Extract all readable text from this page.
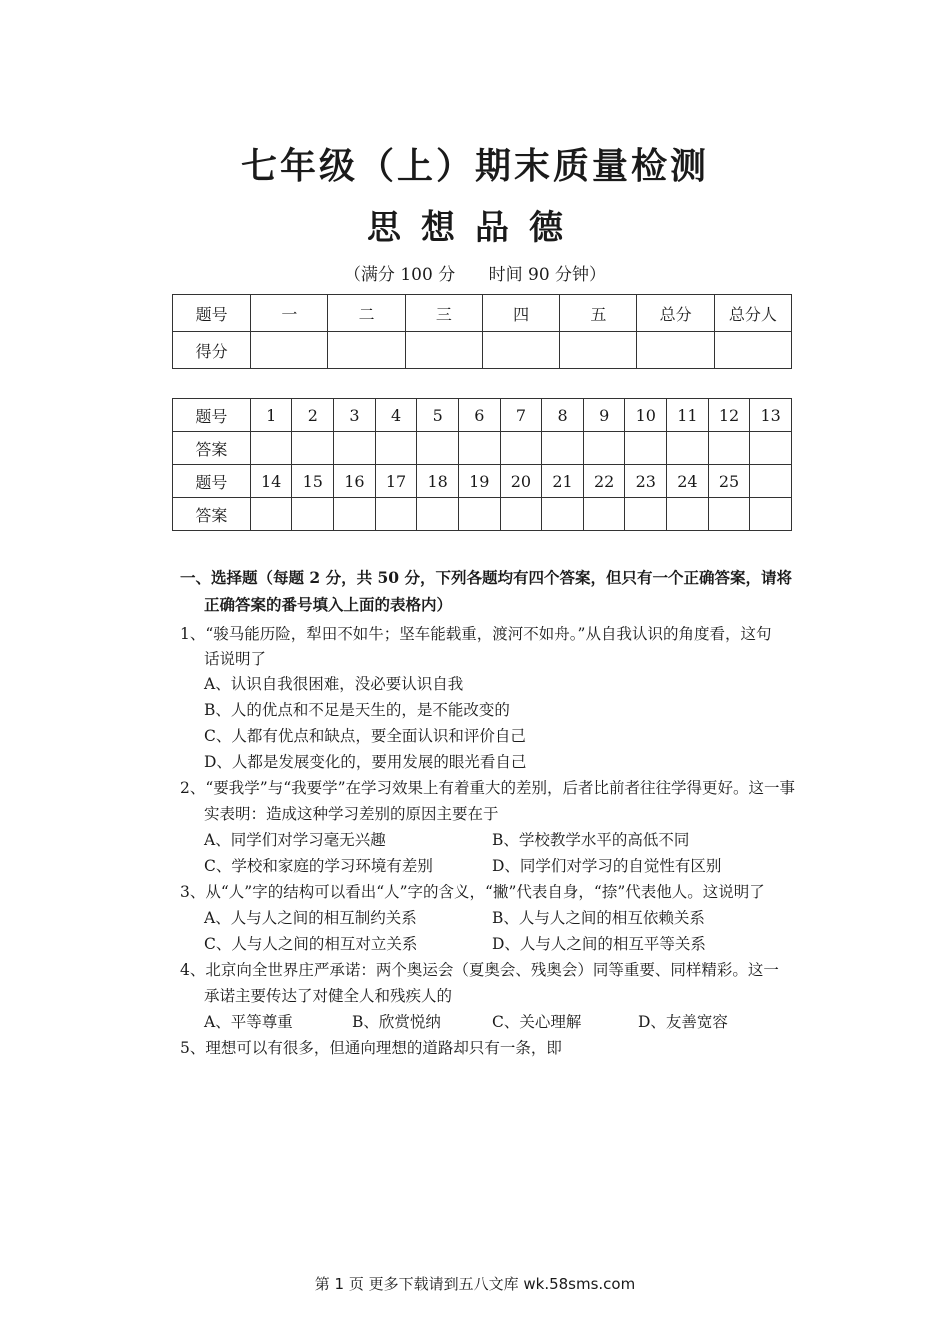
七年级（上）期末质量检测
思想品德
（满分 100 分 时间 90 分钟）
题号	一	二	三	四	五	总分	总分人
得分							
题号	1	2	3	4	5	6	7	8	9	10	11	12	13
答案													
题号	14	15	16	17	18	19	20	21	22	23	24	25	
答案													
一、选择题（每题 2 分，共 50 分，下列各题均有四个答案，但只有一个正确答案，请将
正确答案的番号填入上面的表格内）
1、“骏马能历险，犁田不如牛；坚车能载重，渡河不如舟。”从自我认识的角度看，这句
话说明了
A、认识自我很困难，没必要认识自我
B、人的优点和不足是天生的，是不能改变的
C、人都有优点和缺点，要全面认识和评价自己
D、人都是发展变化的，要用发展的眼光看自己
2、“要我学”与“我要学”在学习效果上有着重大的差别，后者比前者往往学得更好。这一事
实表明：造成这种学习差别的原因主要在于
A、同学们对学习毫无兴趣	B、学校教学水平的高低不同
C、学校和家庭的学习环境有差别	D、同学们对学习的自觉性有区别
3、从“人”字的结构可以看出“人”字的含义，“撇”代表自身，“捺”代表他人。这说明了
A、人与人之间的相互制约关系	B、人与人之间的相互依赖关系
C、人与人之间的相互对立关系	D、人与人之间的相互平等关系
4、北京向全世界庄严承诺：两个奥运会（夏奥会、残奥会）同等重要、同样精彩。这一
承诺主要传达了对健全人和残疾人的
A、平等尊重	B、欣赏悦纳	C、关心理解	D、友善宽容
5、理想可以有很多，但通向理想的道路却只有一条，即
第 1 页 更多下载请到五八文库 wk.58sms.com
